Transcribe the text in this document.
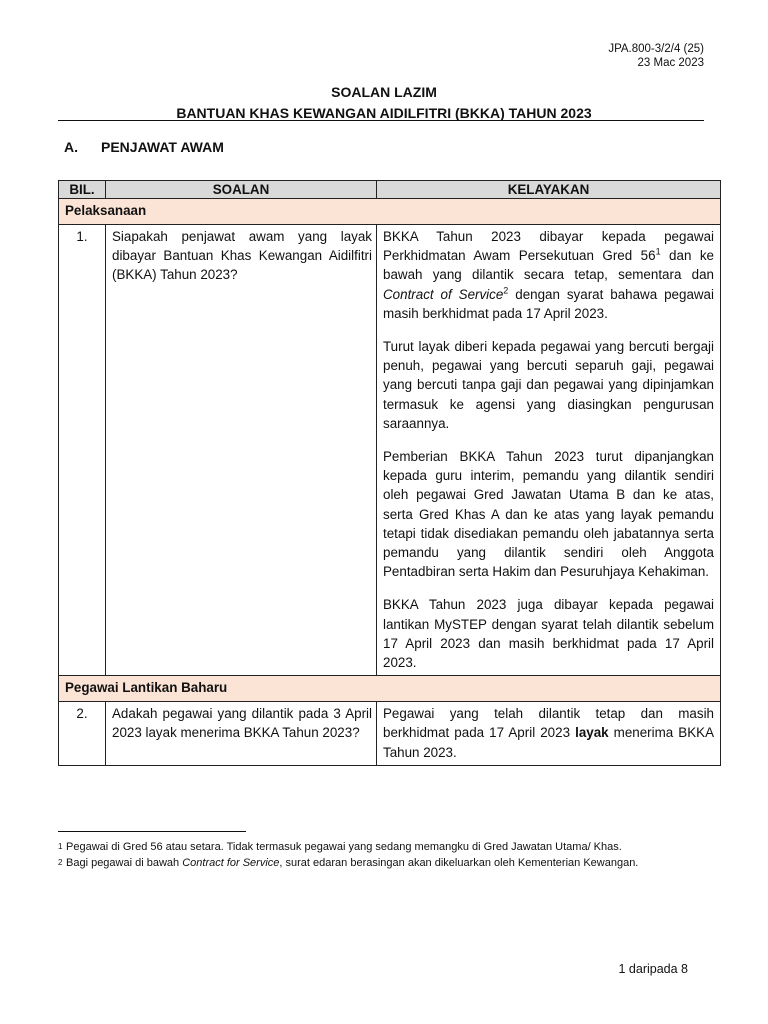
JPA.800-3/2/4 (25)
23 Mac 2023
SOALAN LAZIM
BANTUAN KHAS KEWANGAN AIDILFITRI (BKKA) TAHUN 2023
A. PENJAWAT AWAM
BIL.	SOALAN	KELAYAKAN
Pelaksanaan		
1.	Siapakah penjawat awam yang layak dibayar Bantuan Khas Kewangan Aidilfitri (BKKA) Tahun 2023?	BKKA Tahun 2023 dibayar kepada pegawai Perkhidmatan Awam Persekutuan Gred $56^1$ dan ke bawah yang dilantik secara tetap, sementara dan Contract of Service$^2$ dengan syarat bahawa pegawai masih berkhidmat pada 17 April 2023.

Turut layak diberi kepada pegawai yang bercuti bergaji penuh, pegawai yang bercuti separuh gaji, pegawai yang bercuti tanpa gaji dan pegawai yang dipinjamkan termasuk ke agensi yang diasingkan pengurusan saraannya.

Pemberian BKKA Tahun 2023 turut dipanjangkan kepada guru interim, pemandu yang dilantik sendiri oleh pegawai Gred Jawatan Utama B dan ke atas, serta Gred Khas A dan ke atas yang layak pemandu tetapi tidak disediakan pemandu oleh jabatannya serta pemandu yang dilantik sendiri oleh Anggota Pentadbiran serta Hakim dan Pesuruhjaya Kehakiman.

BKKA Tahun 2023 juga dibayar kepada pegawai lantikan MySTEP dengan syarat telah dilantik sebelum 17 April 2023 dan masih berkhidmat pada 17 April 2023.

Pegawai Lantikan Baharu		
2.	Adakah pegawai yang dilantik pada 3 April 2023 layak menerima BKKA Tahun 2023?	Pegawai yang telah dilantik tetap dan masih berkhidmat pada 17 April 2023 layak menerima BKKA Tahun 2023.
1 Pegawai di Gred 56 atau setara. Tidak termasuk pegawai yang sedang memangku di Gred Jawatan Utama/ Khas.
2 Bagi pegawai di bawah Contract for Service, surat edaran berasingan akan dikeluarkan oleh Kementerian Kewangan.
1 daripada 8
